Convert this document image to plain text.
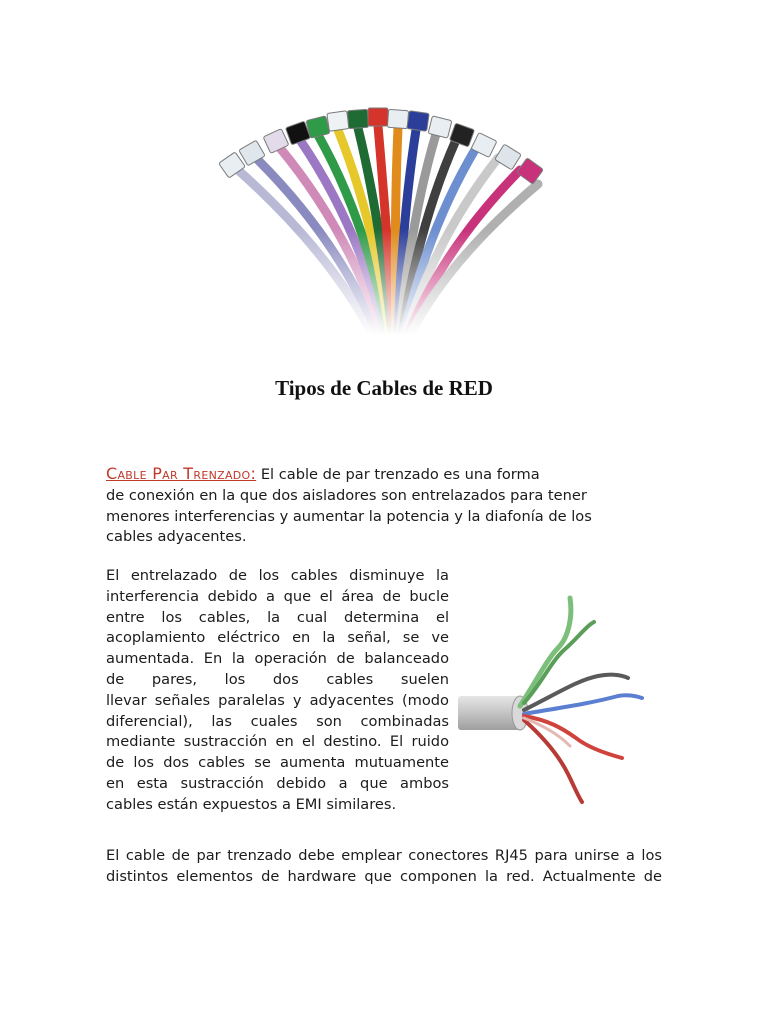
Tipos de Cables de RED

Cable Par Trenzado: El cable de par trenzado es una forma
de conexión en la que dos aisladores son entrelazados para tener
menores interferencias y aumentar la potencia y la diafonía de los
cables adyacentes.

El entrelazado de los cables disminuye la
interferencia debido a que el área de bucle
entre los cables, la cual determina el
acoplamiento eléctrico en la señal, se ve
aumentada. En la operación de balanceado
de pares, los dos cables suelen
llevar señales paralelas y adyacentes (modo
diferencial), las cuales son combinadas
mediante sustracción en el destino. El ruido
de los dos cables se aumenta mutuamente
en esta sustracción debido a que ambos
cables están expuestos a EMI similares.

El cable de par trenzado debe emplear conectores RJ45 para unirse a los
distintos elementos de hardware que componen la red. Actualmente de
